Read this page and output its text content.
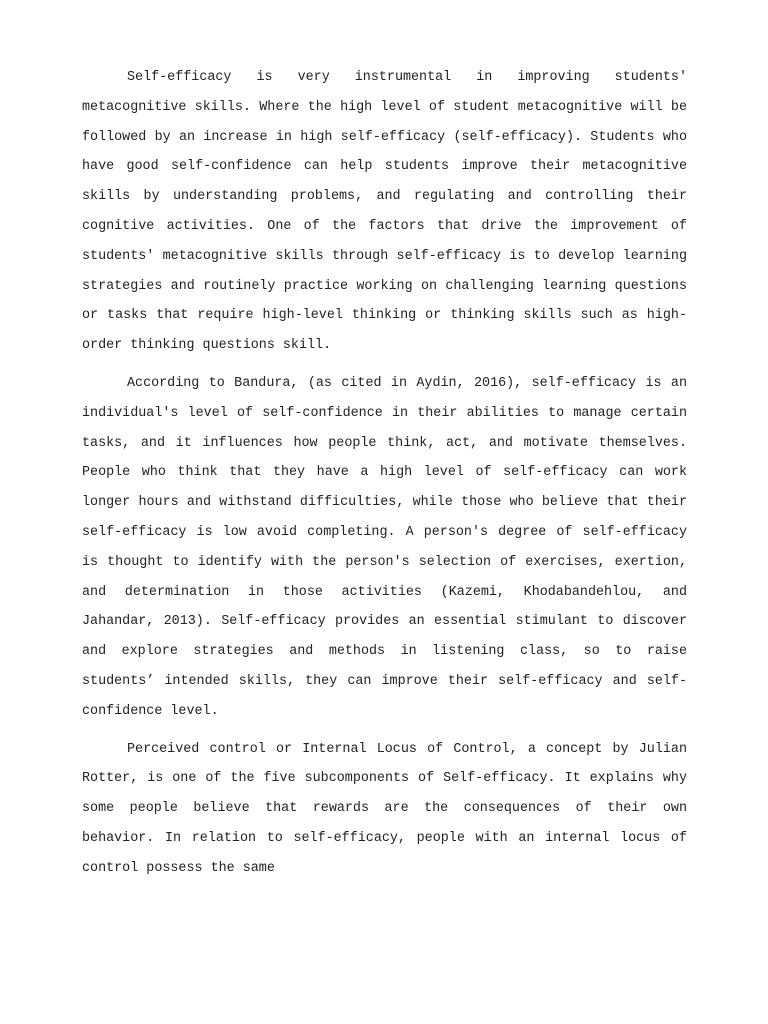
Self-efficacy is very instrumental in improving students' metacognitive skills. Where the high level of student metacognitive will be followed by an increase in high self-efficacy (self-efficacy). Students who have good self-confidence can help students improve their metacognitive skills by understanding problems, and regulating and controlling their cognitive activities. One of the factors that drive the improvement of students' metacognitive skills through self-efficacy is to develop learning strategies and routinely practice working on challenging learning questions or tasks that require high-level thinking or thinking skills such as high-order thinking questions skill.

According to Bandura, (as cited in Aydin, 2016), self-efficacy is an individual's level of self-confidence in their abilities to manage certain tasks, and it influences how people think, act, and motivate themselves. People who think that they have a high level of self-efficacy can work longer hours and withstand difficulties, while those who believe that their self-efficacy is low avoid completing. A person's degree of self-efficacy is thought to identify with the person's selection of exercises, exertion, and determination in those activities (Kazemi, Khodabandehlou, and Jahandar, 2013). Self-efficacy provides an essential stimulant to discover and explore strategies and methods in listening class, so to raise students’ intended skills, they can improve their self-efficacy and self-confidence level.

Perceived control or Internal Locus of Control, a concept by Julian Rotter, is one of the five subcomponents of Self-efficacy. It explains why some people believe that rewards are the consequences of their own behavior. In relation to self-efficacy, people with an internal locus of control possess the same
